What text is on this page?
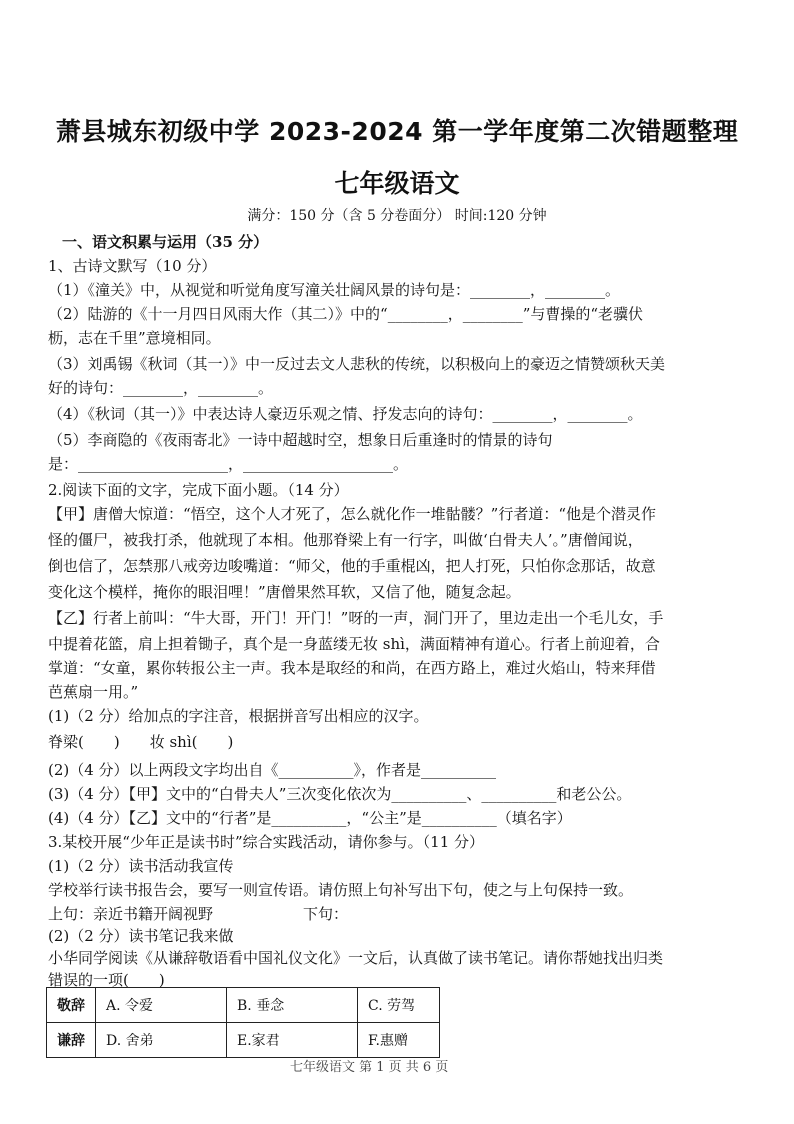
萧县城东初级中学 2023-2024 第一学年度第二次错题整理
七年级语文
满分：150 分（含 5 分卷面分） 时间:120 分钟
一、语文积累与运用（35 分）
1、古诗文默写（10 分）
（1）《潼关》中，从视觉和听觉角度写潼关壮阔风景的诗句是：________，________。
（2）陆游的《十一月四日风雨大作（其二）》中的“________，________”与曹操的“老骥伏
枥，志在千里”意境相同。
（3）刘禹锡《秋词（其一）》中一反过去文人悲秋的传统，以积极向上的豪迈之情赞颂秋天美
好的诗句：________，________。
（4）《秋词（其一）》中表达诗人豪迈乐观之情、抒发志向的诗句：________，________。
（5）李商隐的《夜雨寄北》一诗中超越时空，想象日后重逢时的情景的诗句
是：____________________，____________________。
2.阅读下面的文字，完成下面小题。（14 分）
【甲】唐僧大惊道：“悟空，这个人才死了，怎么就化作一堆骷髅？”行者道：“他是个潜灵作
怪的僵尸，被我打杀，他就现了本相。他那脊梁上有一行字，叫做‘白骨夫人’。”唐僧闻说，
倒也信了，怎禁那八戒旁边唆嘴道：“师父，他的手重棍凶，把人打死，只怕你念那话，故意
变化这个模样，掩你的眼泪哩！”唐僧果然耳软，又信了他，随复念起。
【乙】行者上前叫：“牛大哥，开门！开门！”呀的一声，洞门开了，里边走出一个毛儿女，手
中提着花篮，肩上担着锄子，真个是一身蓝缕无妆 shì，满面精神有道心。行者上前迎着，合
掌道：“女童，累你转报公主一声。我本是取经的和尚，在西方路上，难过火焰山，特来拜借
芭蕉扇一用。”
(1)（2 分）给加点的字注音，根据拼音写出相应的汉字。
脊梁(　　)　　妆 shì(　　)
(2)（4 分）以上两段文字均出自《__________》，作者是__________
(3)（4 分）【甲】文中的“白骨夫人”三次变化依次为__________、__________和老公公。
(4)（4 分）【乙】文中的“行者”是__________，“公主”是__________（填名字）
3.某校开展“少年正是读书时”综合实践活动，请你参与。（11 分）
(1)（2 分）读书活动我宣传
学校举行读书报告会，要写一则宣传语。请仿照上句补写出下句，使之与上句保持一致。
上句：亲近书籍开阔视野　　　　　　下句：
(2)（2 分）读书笔记我来做
小华同学阅读《从谦辞敬语看中国礼仪文化》一文后，认真做了读书笔记。请你帮她找出归类
错误的一项(　　)
敬辞	A. 令爱	B. 垂念	C. 劳驾
谦辞	D. 舍弟	E.家君	F.惠赠
七年级语文 第 1 页 共 6 页
